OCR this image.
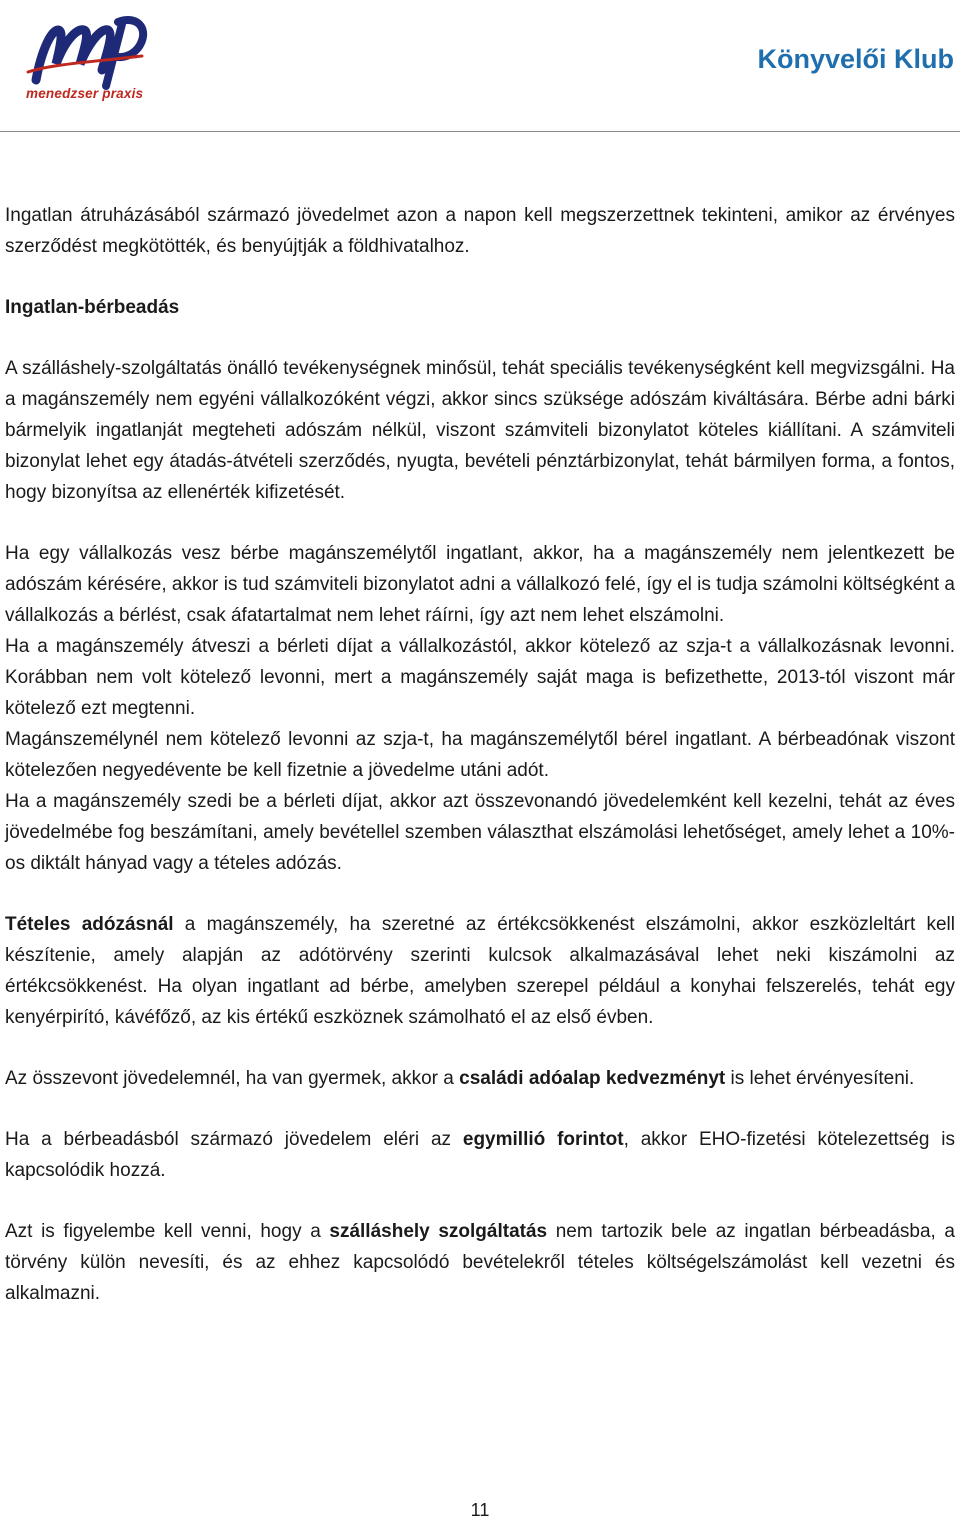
menedzser praxis
Könyvelői Klub

Ingatlan átruházásából származó jövedelmet azon a napon kell megszerzettnek tekinteni, amikor az érvényes szerződést megkötötték, és benyújtják a földhivatalhoz.

Ingatlan-bérbeadás

A szálláshely-szolgáltatás önálló tevékenységnek minősül, tehát speciális tevékenységként kell megvizsgálni. Ha a magánszemély nem egyéni vállalkozóként végzi, akkor sincs szüksége adószám kiváltására. Bérbe adni bárki bármelyik ingatlanját megteheti adószám nélkül, viszont számviteli bizonylatot köteles kiállítani. A számviteli bizonylat lehet egy átadás-átvételi szerződés, nyugta, bevételi pénztárbizonylat, tehát bármilyen forma, a fontos, hogy bizonyítsa az ellenérték kifizetését.

Ha egy vállalkozás vesz bérbe magánszemélytől ingatlant, akkor, ha a magánszemély nem jelentkezett be adószám kérésére, akkor is tud számviteli bizonylatot adni a vállalkozó felé, így el is tudja számolni költségként a vállalkozás a bérlést, csak áfatartalmat nem lehet ráírni, így azt nem lehet elszámolni.

Ha a magánszemély átveszi a bérleti díjat a vállalkozástól, akkor kötelező az szja-t a vállalkozásnak levonni. Korábban nem volt kötelező levonni, mert a magánszemély saját maga is befizethette, 2013-tól viszont már kötelező ezt megtenni.

Magánszemélynél nem kötelező levonni az szja-t, ha magánszemélytől bérel ingatlant. A bérbeadónak viszont kötelezően negyedévente be kell fizetnie a jövedelme utáni adót.

Ha a magánszemély szedi be a bérleti díjat, akkor azt összevonandó jövedelemként kell kezelni, tehát az éves jövedelmébe fog beszámítani, amely bevétellel szemben választhat elszámolási lehetőséget, amely lehet a 10%-os diktált hányad vagy a tételes adózás.

Tételes adózásnál a magánszemély, ha szeretné az értékcsökkenést elszámolni, akkor eszközleltárt kell készítenie, amely alapján az adótörvény szerinti kulcsok alkalmazásával lehet neki kiszámolni az értékcsökkenést. Ha olyan ingatlant ad bérbe, amelyben szerepel például a konyhai felszerelés, tehát egy kenyérpirító, kávéfőző, az kis értékű eszköznek számolható el az első évben.

Az összevont jövedelemnél, ha van gyermek, akkor a családi adóalap kedvezményt is lehet érvényesíteni.

Ha a bérbeadásból származó jövedelem eléri az egymillió forintot, akkor EHO-fizetési kötelezettség is kapcsolódik hozzá.

Azt is figyelembe kell venni, hogy a szálláshely szolgáltatás nem tartozik bele az ingatlan bérbeadásba, a törvény külön nevesíti, és az ehhez kapcsolódó bevételekről tételes költségelszámolást kell vezetni és alkalmazni.

11
